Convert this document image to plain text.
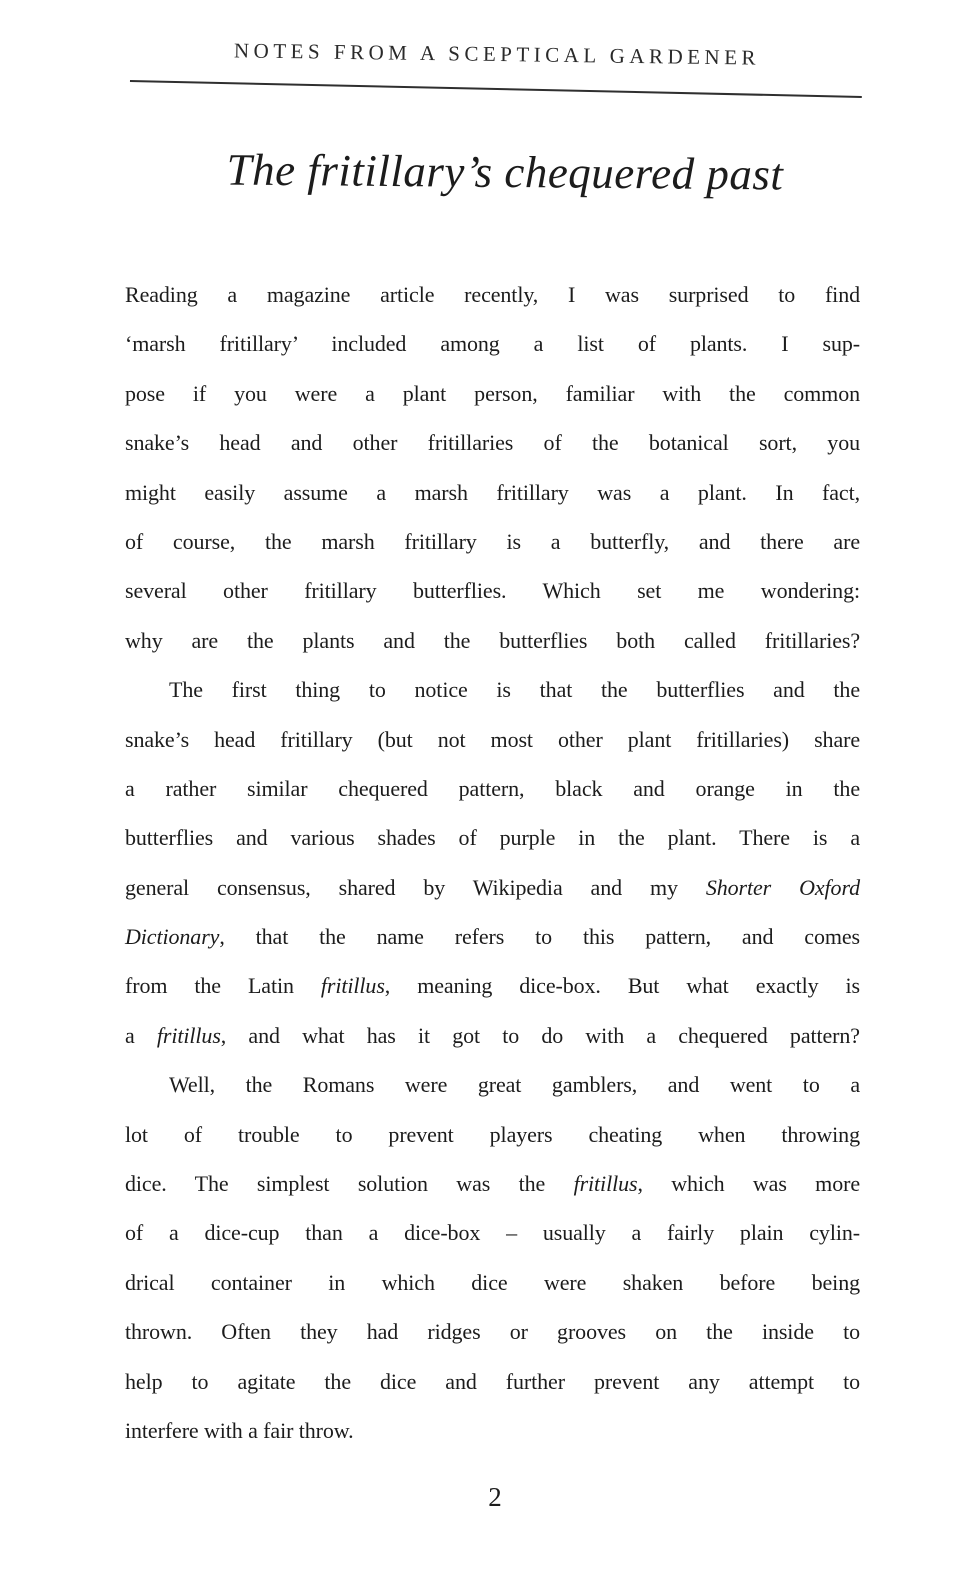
NOTES FROM A SCEPTICAL GARDENER
The fritillary’s chequered past
Reading a magazine article recently, I was surprised to find
‘marsh fritillary’ included among a list of plants. I sup-
pose if you were a plant person, familiar with the common
snake’s head and other fritillaries of the botanical sort, you
might easily assume a marsh fritillary was a plant. In fact,
of course, the marsh fritillary is a butterfly, and there are
several other fritillary butterflies. Which set me wondering:
why are the plants and the butterflies both called fritillaries?
The first thing to notice is that the butterflies and the
snake’s head fritillary (but not most other plant fritillaries) share
a rather similar chequered pattern, black and orange in the
butterflies and various shades of purple in the plant. There is a
general consensus, shared by Wikipedia and my Shorter Oxford
Dictionary, that the name refers to this pattern, and comes
from the Latin fritillus, meaning dice-box. But what exactly is
a fritillus, and what has it got to do with a chequered pattern?
Well, the Romans were great gamblers, and went to a
lot of trouble to prevent players cheating when throwing
dice. The simplest solution was the fritillus, which was more
of a dice-cup than a dice-box – usually a fairly plain cylin-
drical container in which dice were shaken before being
thrown. Often they had ridges or grooves on the inside to
help to agitate the dice and further prevent any attempt to
interfere with a fair throw.
2
